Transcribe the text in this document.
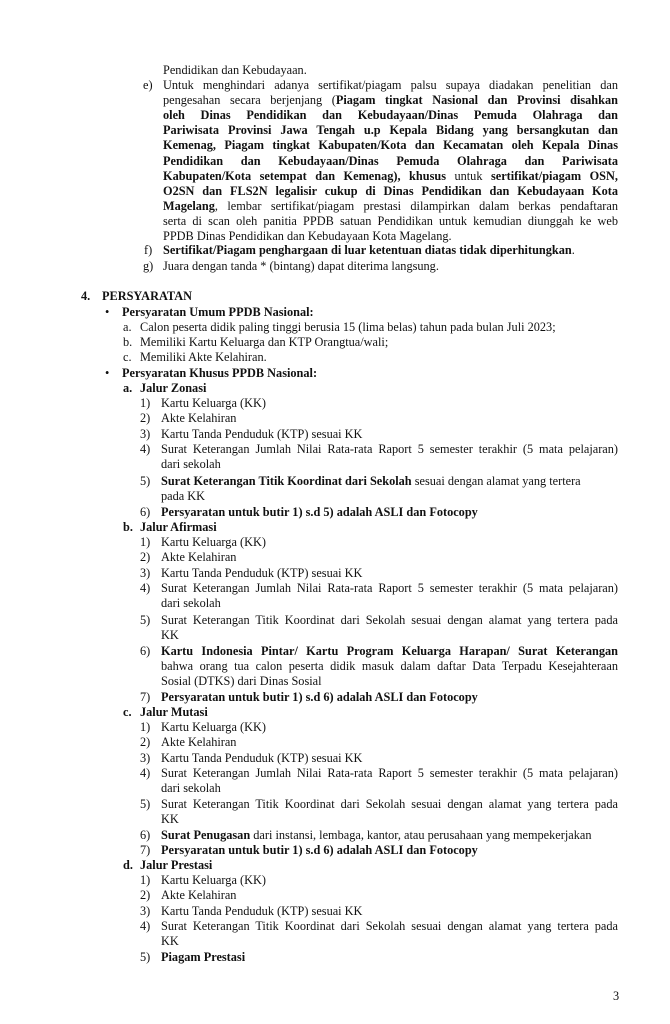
Pendidikan dan Kebudayaan.
e) Untuk menghindari adanya sertifikat/piagam palsu supaya diadakan penelitian dan
pengesahan secara berjenjang (Piagam tingkat Nasional dan Provinsi disahkan
oleh Dinas Pendidikan dan Kebudayaan/Dinas Pemuda Olahraga dan
Pariwisata Provinsi Jawa Tengah u.p Kepala Bidang yang bersangkutan dan
Kemenag, Piagam tingkat Kabupaten/Kota dan Kecamatan oleh Kepala Dinas
Pendidikan dan Kebudayaan/Dinas Pemuda Olahraga dan Pariwisata
Kabupaten/Kota setempat dan Kemenag), khusus untuk sertifikat/piagam OSN,
O2SN dan FLS2N legalisir cukup di Dinas Pendidikan dan Kebudayaan Kota
Magelang, lembar sertifikat/piagam prestasi dilampirkan dalam berkas pendaftaran
serta di scan oleh panitia PPDB satuan Pendidikan untuk kemudian diunggah ke web
PPDB Dinas Pendidikan dan Kebudayaan Kota Magelang.
f) Sertifikat/Piagam penghargaan di luar ketentuan diatas tidak diperhitungkan.
g) Juara dengan tanda * (bintang) dapat diterima langsung.
4. PERSYARATAN
• Persyaratan Umum PPDB Nasional:
a. Calon peserta didik paling tinggi berusia 15 (lima belas) tahun pada bulan Juli 2023;
b. Memiliki Kartu Keluarga dan KTP Orangtua/wali;
c. Memiliki Akte Kelahiran.
• Persyaratan Khusus PPDB Nasional:
a. Jalur Zonasi
1) Kartu Keluarga (KK)
2) Akte Kelahiran
3) Kartu Tanda Penduduk (KTP) sesuai KK
4) Surat Keterangan Jumlah Nilai Rata-rata Raport 5 semester terakhir (5 mata pelajaran)
dari sekolah
5) Surat Keterangan Titik Koordinat dari Sekolah sesuai dengan alamat yang tertera
pada KK
6) Persyaratan untuk butir 1) s.d 5) adalah ASLI dan Fotocopy
b. Jalur Afirmasi
1) Kartu Keluarga (KK)
2) Akte Kelahiran
3) Kartu Tanda Penduduk (KTP) sesuai KK
4) Surat Keterangan Jumlah Nilai Rata-rata Raport 5 semester terakhir (5 mata pelajaran)
dari sekolah
5) Surat Keterangan Titik Koordinat dari Sekolah sesuai dengan alamat yang tertera pada
KK
6) Kartu Indonesia Pintar/ Kartu Program Keluarga Harapan/ Surat Keterangan
bahwa orang tua calon peserta didik masuk dalam daftar Data Terpadu Kesejahteraan
Sosial (DTKS) dari Dinas Sosial
7) Persyaratan untuk butir 1) s.d 6) adalah ASLI dan Fotocopy
c. Jalur Mutasi
1) Kartu Keluarga (KK)
2) Akte Kelahiran
3) Kartu Tanda Penduduk (KTP) sesuai KK
4) Surat Keterangan Jumlah Nilai Rata-rata Raport 5 semester terakhir (5 mata pelajaran)
dari sekolah
5) Surat Keterangan Titik Koordinat dari Sekolah sesuai dengan alamat yang tertera pada
KK
6) Surat Penugasan dari instansi, lembaga, kantor, atau perusahaan yang mempekerjakan
7) Persyaratan untuk butir 1) s.d 6) adalah ASLI dan Fotocopy
d. Jalur Prestasi
1) Kartu Keluarga (KK)
2) Akte Kelahiran
3) Kartu Tanda Penduduk (KTP) sesuai KK
4) Surat Keterangan Titik Koordinat dari Sekolah sesuai dengan alamat yang tertera pada
KK
5) Piagam Prestasi
3
